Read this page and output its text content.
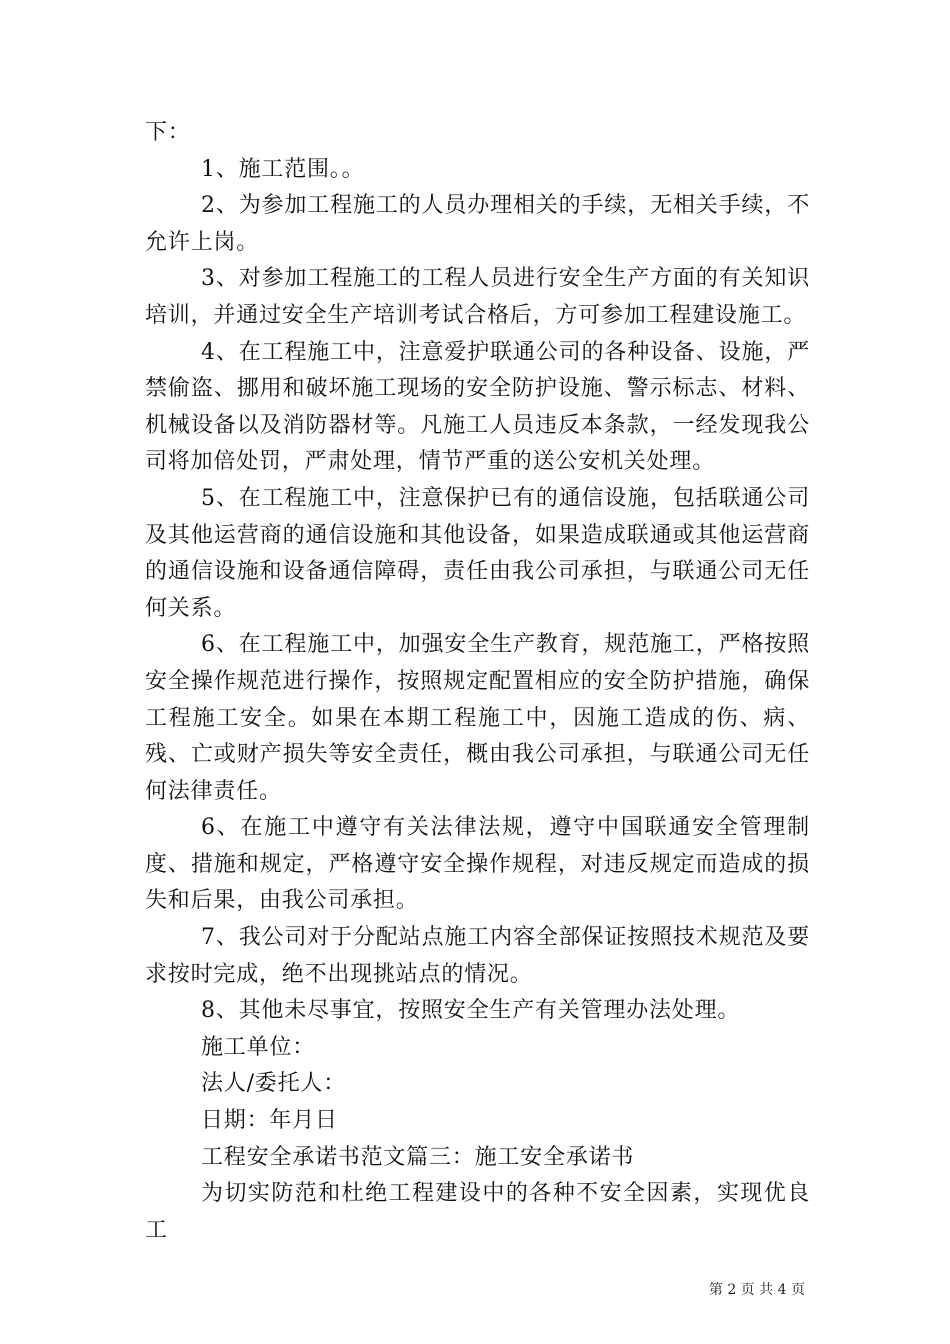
下：

1、施工范围。。

2、为参加工程施工的人员办理相关的手续，无相关手续，不允许上岗。

3、对参加工程施工的工程人员进行安全生产方面的有关知识培训，并通过安全生产培训考试合格后，方可参加工程建设施工。

4、在工程施工中，注意爱护联通公司的各种设备、设施，严禁偷盗、挪用和破坏施工现场的安全防护设施、警示标志、材料、机械设备以及消防器材等。凡施工人员违反本条款，一经发现我公司将加倍处罚，严肃处理，情节严重的送公安机关处理。

5、在工程施工中，注意保护已有的通信设施，包括联通公司及其他运营商的通信设施和其他设备，如果造成联通或其他运营商的通信设施和设备通信障碍，责任由我公司承担，与联通公司无任何关系。

6、在工程施工中，加强安全生产教育，规范施工，严格按照安全操作规范进行操作，按照规定配置相应的安全防护措施，确保工程施工安全。如果在本期工程施工中，因施工造成的伤、病、残、亡或财产损失等安全责任，概由我公司承担，与联通公司无任何法律责任。

6、在施工中遵守有关法律法规，遵守中国联通安全管理制度、措施和规定，严格遵守安全操作规程，对违反规定而造成的损失和后果，由我公司承担。

7、我公司对于分配站点施工内容全部保证按照技术规范及要求按时完成，绝不出现挑站点的情况。

8、其他未尽事宜，按照安全生产有关管理办法处理。

施工单位：

法人/委托人：

日期：年月日

工程安全承诺书范文篇三：施工安全承诺书

为切实防范和杜绝工程建设中的各种不安全因素，实现优良工

第 2 页 共 4 页
